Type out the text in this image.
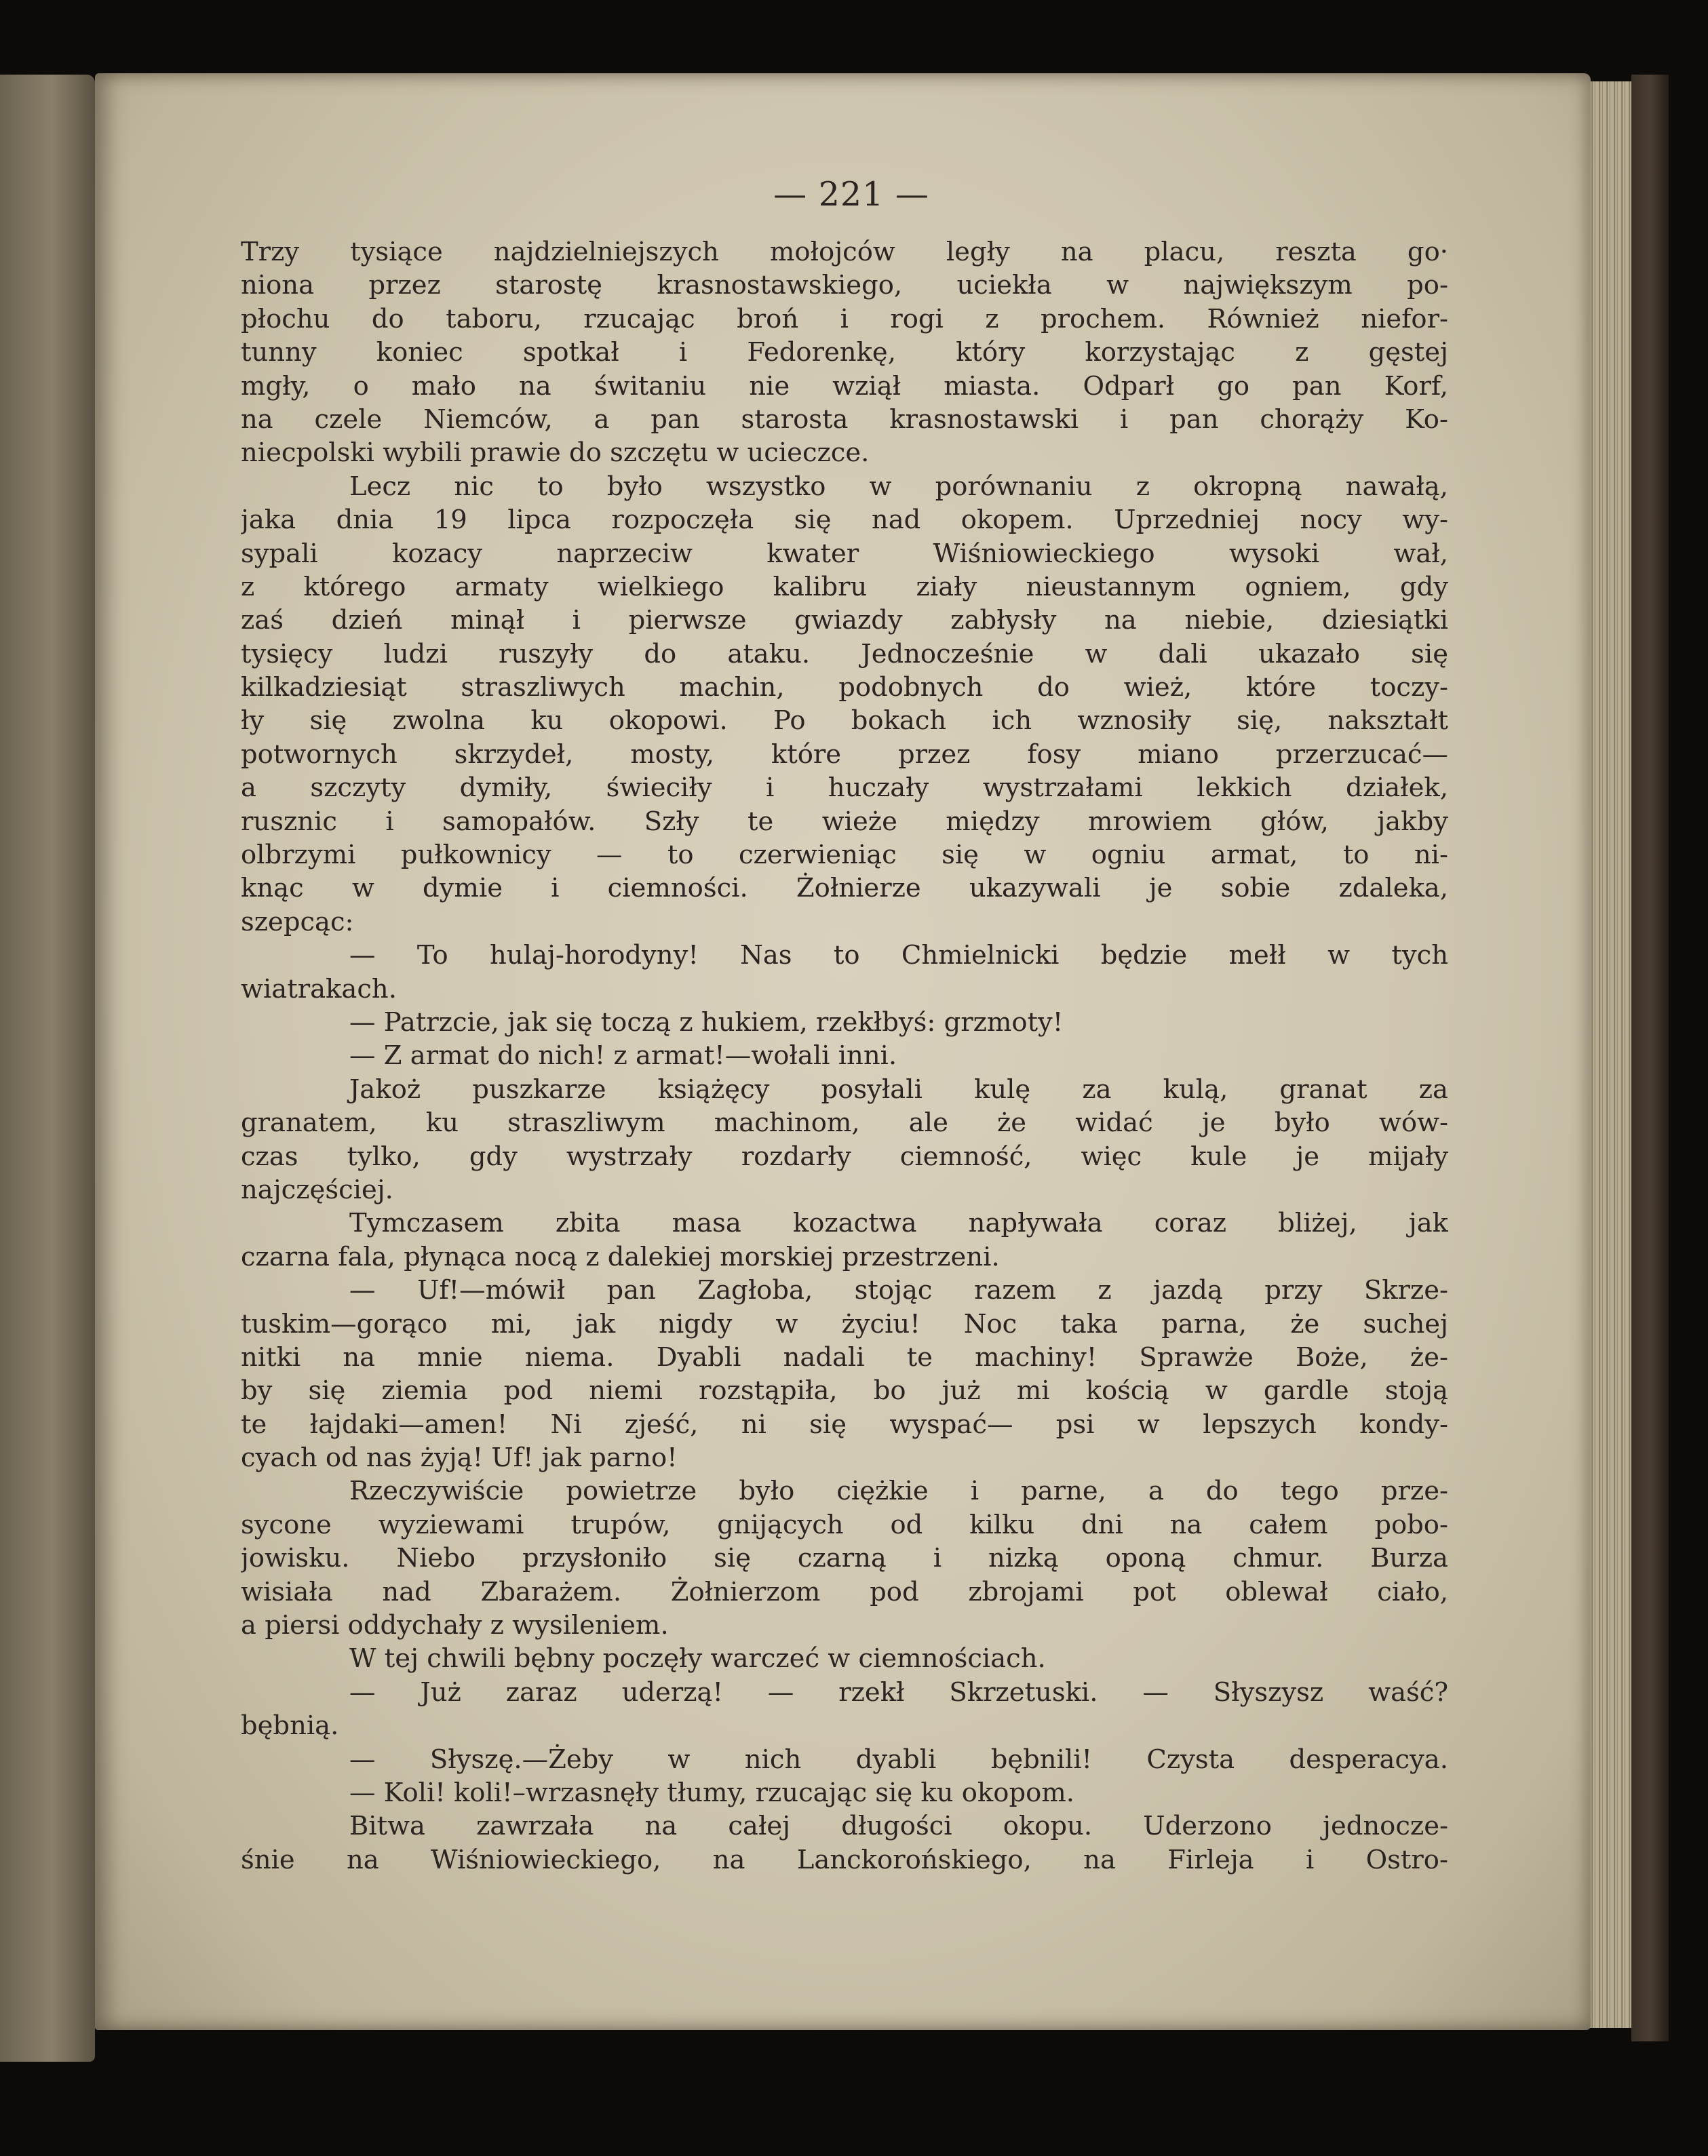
— 221 —
Trzy tysiące najdzielniejszych mołojców legły na placu, reszta go·
niona przez starostę krasnostawskiego, uciekła w największym po-
płochu do taboru, rzucając broń i rogi z prochem. Również niefor-
tunny koniec spotkał i Fedorenkę, który korzystając z gęstej
mgły, o mało na świtaniu nie wziął miasta. Odparł go pan Korf,
na czele Niemców, a pan starosta krasnostawski i pan chorąży Ko-
niecpolski wybili prawie do szczętu w ucieczce.
Lecz nic to było wszystko w porównaniu z okropną nawałą,
jaka dnia 19 lipca rozpoczęła się nad okopem. Uprzedniej nocy wy-
sypali kozacy naprzeciw kwater Wiśniowieckiego wysoki wał,
z którego armaty wielkiego kalibru ziały nieustannym ogniem, gdy
zaś dzień minął i pierwsze gwiazdy zabłysły na niebie, dziesiątki
tysięcy ludzi ruszyły do ataku. Jednocześnie w dali ukazało się
kilkadziesiąt straszliwych machin, podobnych do wież, które toczy-
ły się zwolna ku okopowi. Po bokach ich wznosiły się, nakształt
potwornych skrzydeł, mosty, które przez fosy miano przerzucać—
a szczyty dymiły, świeciły i huczały wystrzałami lekkich działek,
rusznic i samopałów. Szły te wieże między mrowiem głów, jakby
olbrzymi pułkownicy — to czerwieniąc się w ogniu armat, to ni-
knąc w dymie i ciemności. Żołnierze ukazywali je sobie zdaleka,
szepcąc:
— To hulaj-horodyny! Nas to Chmielnicki będzie mełł w tych
wiatrakach.
— Patrzcie, jak się toczą z hukiem, rzekłbyś: grzmoty!
— Z armat do nich! z armat!—wołali inni.
Jakoż puszkarze książęcy posyłali kulę za kulą, granat za
granatem, ku straszliwym machinom, ale że widać je było wów-
czas tylko, gdy wystrzały rozdarły ciemność, więc kule je mijały
najczęściej.
Tymczasem zbita masa kozactwa napływała coraz bliżej, jak
czarna fala, płynąca nocą z dalekiej morskiej przestrzeni.
— Uf!—mówił pan Zagłoba, stojąc razem z jazdą przy Skrze-
tuskim—gorąco mi, jak nigdy w życiu! Noc taka parna, że suchej
nitki na mnie niema. Dyabli nadali te machiny! Sprawże Boże, że-
by się ziemia pod niemi rozstąpiła, bo już mi kością w gardle stoją
te łajdaki—amen! Ni zjeść, ni się wyspać— psi w lepszych kondy-
cyach od nas żyją! Uf! jak parno!
Rzeczywiście powietrze było ciężkie i parne, a do tego prze-
sycone wyziewami trupów, gnijących od kilku dni na całem pobo-
jowisku. Niebo przysłoniło się czarną i nizką oponą chmur. Burza
wisiała nad Zbarażem. Żołnierzom pod zbrojami pot oblewał ciało,
a piersi oddychały z wysileniem.
W tej chwili bębny poczęły warczeć w ciemnościach.
— Już zaraz uderzą! — rzekł Skrzetuski. — Słyszysz waść?
bębnią.
— Słyszę.—Żeby w nich dyabli bębnili! Czysta desperacya.
— Koli! koli!–wrzasnęły tłumy, rzucając się ku okopom.
Bitwa zawrzała na całej długości okopu. Uderzono jednocze-
śnie na Wiśniowieckiego, na Lanckorońskiego, na Firleja i Ostro-
